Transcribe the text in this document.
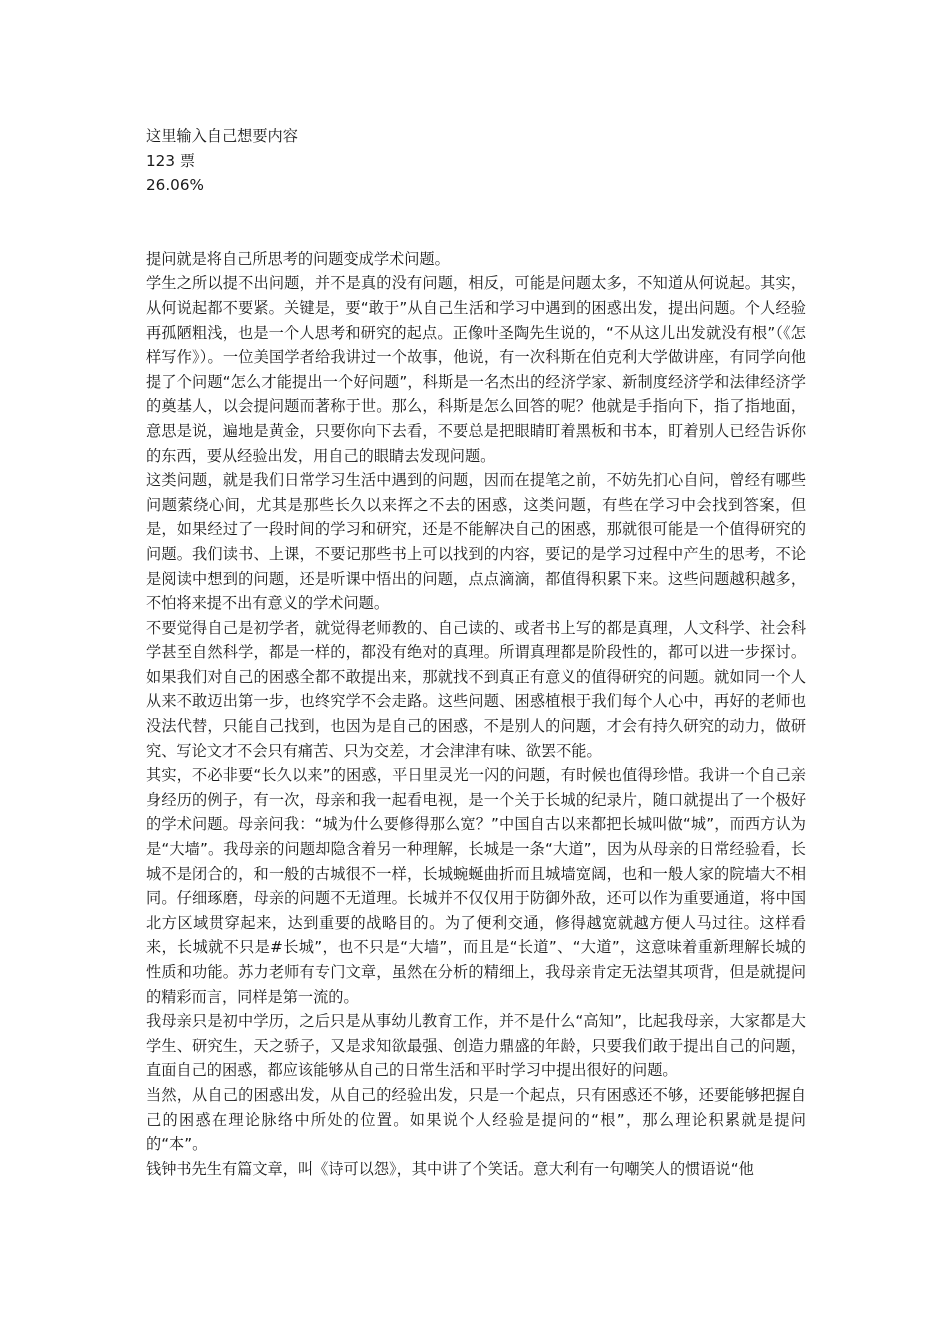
这里输入自己想要内容
123 票
26.06%

提问就是将自己所思考的问题变成学术问题。

学生之所以提不出问题，并不是真的没有问题，相反，可能是问题太多，不知道从何说起。其实，从何说起都不要紧。关键是，要“敢于”从自己生活和学习中遇到的困惑出发，提出问题。个人经验再孤陋粗浅，也是一个人思考和研究的起点。正像叶圣陶先生说的，“不从这儿出发就没有根”（《怎样写作》）。一位美国学者给我讲过一个故事，他说，有一次科斯在伯克利大学做讲座，有同学向他提了个问题“怎么才能提出一个好问题”，科斯是一名杰出的经济学家、新制度经济学和法律经济学的奠基人，以会提问题而著称于世。那么，科斯是怎么回答的呢？他就是手指向下，指了指地面，意思是说，遍地是黄金，只要你向下去看，不要总是把眼睛盯着黑板和书本，盯着别人已经告诉你的东西，要从经验出发，用自己的眼睛去发现问题。

这类问题，就是我们日常学习生活中遇到的问题，因而在提笔之前，不妨先扪心自问，曾经有哪些问题萦绕心间，尤其是那些长久以来挥之不去的困惑，这类问题，有些在学习中会找到答案，但是，如果经过了一段时间的学习和研究，还是不能解决自己的困惑，那就很可能是一个值得研究的问题。我们读书、上课，不要记那些书上可以找到的内容，要记的是学习过程中产生的思考，不论是阅读中想到的问题，还是听课中悟出的问题，点点滴滴，都值得积累下来。这些问题越积越多，不怕将来提不出有意义的学术问题。

不要觉得自己是初学者，就觉得老师教的、自己读的、或者书上写的都是真理，人文科学、社会科学甚至自然科学，都是一样的，都没有绝对的真理。所谓真理都是阶段性的，都可以进一步探讨。如果我们对自己的困惑全都不敢提出来，那就找不到真正有意义的值得研究的问题。就如同一个人从来不敢迈出第一步，也终究学不会走路。这些问题、困惑植根于我们每个人心中，再好的老师也没法代替，只能自己找到，也因为是自己的困惑，不是别人的问题，才会有持久研究的动力，做研究、写论文才不会只有痛苦、只为交差，才会津津有味、欲罢不能。

其实，不必非要“长久以来”的困惑，平日里灵光一闪的问题，有时候也值得珍惜。我讲一个自己亲身经历的例子，有一次，母亲和我一起看电视，是一个关于长城的纪录片，随口就提出了一个极好的学术问题。母亲问我：“城为什么要修得那么宽？”中国自古以来都把长城叫做“城”，而西方认为是“大墙”。我母亲的问题却隐含着另一种理解，长城是一条“大道”，因为从母亲的日常经验看，长城不是闭合的，和一般的古城很不一样，长城蜿蜒曲折而且城墙宽阔，也和一般人家的院墙大不相同。仔细琢磨，母亲的问题不无道理。长城并不仅仅用于防御外敌，还可以作为重要通道，将中国北方区域贯穿起来，达到重要的战略目的。为了便利交通，修得越宽就越方便人马过往。这样看来，长城就不只是#长城”，也不只是“大墙”，而且是“长道”、“大道”，这意味着重新理解长城的性质和功能。苏力老师有专门文章，虽然在分析的精细上，我母亲肯定无法望其项背，但是就提问的精彩而言，同样是第一流的。

我母亲只是初中学历，之后只是从事幼儿教育工作，并不是什么“高知”，比起我母亲，大家都是大学生、研究生，天之骄子，又是求知欲最强、创造力鼎盛的年龄，只要我们敢于提出自己的问题，直面自己的困惑，都应该能够从自己的日常生活和平时学习中提出很好的问题。

当然，从自己的困惑出发，从自己的经验出发，只是一个起点，只有困惑还不够，还要能够把握自己的困惑在理论脉络中所处的位置。如果说个人经验是提问的“根”，那么理论积累就是提问的“本”。

钱钟书先生有篇文章，叫《诗可以怨》，其中讲了个笑话。意大利有一句嘲笑人的惯语说“他
